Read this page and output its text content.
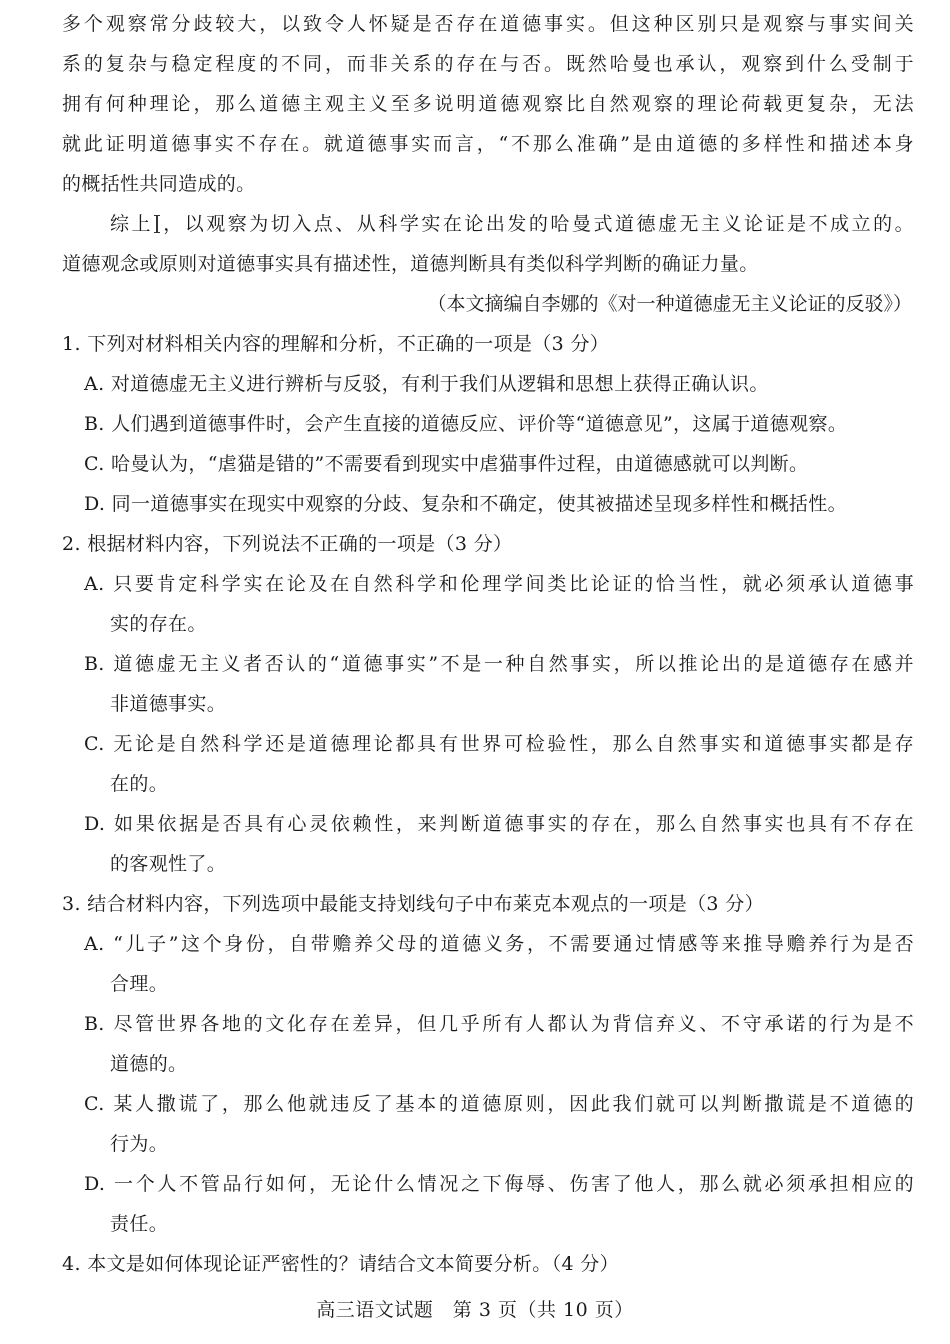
多个观察常分歧较大，以致令人怀疑是否存在道德事实。但这种区别只是观察与事实间关
系的复杂与稳定程度的不同，而非关系的存在与否。既然哈曼也承认，观察到什么受制于
拥有何种理论，那么道德主观主义至多说明道德观察比自然观察的理论荷载更复杂，无法
就此证明道德事实不存在。就道德事实而言，“不那么准确”是由道德的多样性和描述本身
的概括性共同造成的。
综上 ，以观察为切入点、从科学实在论出发的哈曼式道德虚无主义论证是不成立的。
道德观念或原则对道德事实具有描述性，道德判断具有类似科学判断的确证力量。
（本文摘编自李娜的《对一种道德虚无主义论证的反驳》）
1. 下列对材料相关内容的理解和分析，不正确的一项是（3 分）
A. 对道德虚无主义进行辨析与反驳，有利于我们从逻辑和思想上获得正确认识。
B. 人们遇到道德事件时，会产生直接的道德反应、评价等“道德意见”，这属于道德观察。
C. 哈曼认为，“虐猫是错的”不需要看到现实中虐猫事件过程，由道德感就可以判断。
D. 同一道德事实在现实中观察的分歧、复杂和不确定，使其被描述呈现多样性和概括性。
2. 根据材料内容，下列说法不正确的一项是（3 分）
A. 只要肯定科学实在论及在自然科学和伦理学间类比论证的恰当性，就必须承认道德事
实的存在。
B. 道德虚无主义者否认的“道德事实”不是一种自然事实，所以推论出的是道德存在感并
非道德事实。
C. 无论是自然科学还是道德理论都具有世界可检验性，那么自然事实和道德事实都是存
在的。
D. 如果依据是否具有心灵依赖性，来判断道德事实的存在，那么自然事实也具有不存在
的客观性了。
3. 结合材料内容，下列选项中最能支持划线句子中布莱克本观点的一项是（3 分）
A. “儿子”这个身份，自带赡养父母的道德义务，不需要通过情感等来推导赡养行为是否
合理。
B. 尽管世界各地的文化存在差异，但几乎所有人都认为背信弃义、不守承诺的行为是不
道德的。
C. 某人撒谎了，那么他就违反了基本的道德原则，因此我们就可以判断撒谎是不道德的
行为。
D. 一个人不管品行如何，无论什么情况之下侮辱、伤害了他人，那么就必须承担相应的
责任。
4. 本文是如何体现论证严密性的？请结合文本简要分析。（4 分）
高三语文试题　第 3 页（共 10 页）
